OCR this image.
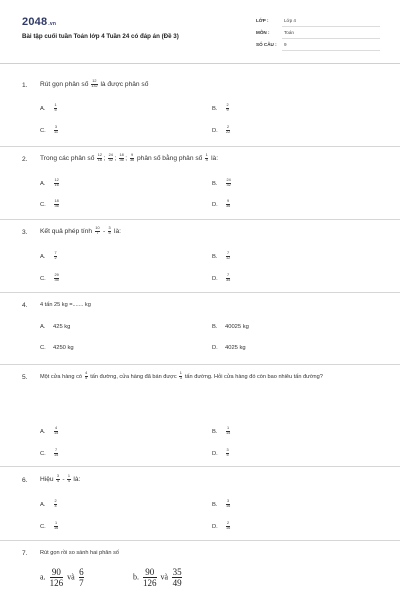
2048.vn
Bài tập cuối tuần Toán lớp 4 Tuần 24 có đáp án (Đề 3)
LỚP :	Lớp 4
MÔN :	Toán
SỐ CÂU : 9
1. Rút gọn phân số $\frac{12}{132}$ là được phân số
A. $\frac{1}{5}$	B. $\frac{2}{9}$
C. $\frac{3}{11}$	D. $\frac{2}{22}$
2. Trong các phân số $\frac{12}{16}$ ; $\frac{24}{32}$ ; $\frac{18}{36}$ ; $\frac{9}{36}$ phân số bằng phân số $\frac{1}{4}$ là:
A. $\frac{12}{16}$	B. $\frac{24}{32}$
C. $\frac{18}{36}$	D. $\frac{9}{36}$
3. Kết quả phép tính $\frac{10}{7} - \frac{3}{5}$ là:
A. $\frac{7}{2}$	B. $\frac{7}{12}$
C. $\frac{29}{35}$	D. $\frac{7}{35}$
4. 4 tấn 25 kg =....... kg
A. 425 kg	B. 40025 kg
C. 4250 kg	D. 4025 kg
5. Một cửa hàng có $\frac{4}{5}$ tấn đường, cửa hàng đã bán được $\frac{1}{3}$ tấn đường. Hỏi cửa hàng đó còn bao nhiêu tấn đường?
A. $\frac{4}{15}$	B. $\frac{1}{15}$
C. $\frac{7}{15}$	D. $\frac{3}{5}$
6. Hiệu $\frac{3}{4} - \frac{1}{4}$ là:
A. $\frac{2}{4}$	B. $\frac{3}{16}$
C. $\frac{1}{16}$	D. $\frac{2}{16}$
7. Rút gọn rồi so sánh hai phân số
a. $\frac{90}{126}$ và $\frac{6}{7}$	b. $\frac{90}{126}$ và $\frac{35}{49}$
